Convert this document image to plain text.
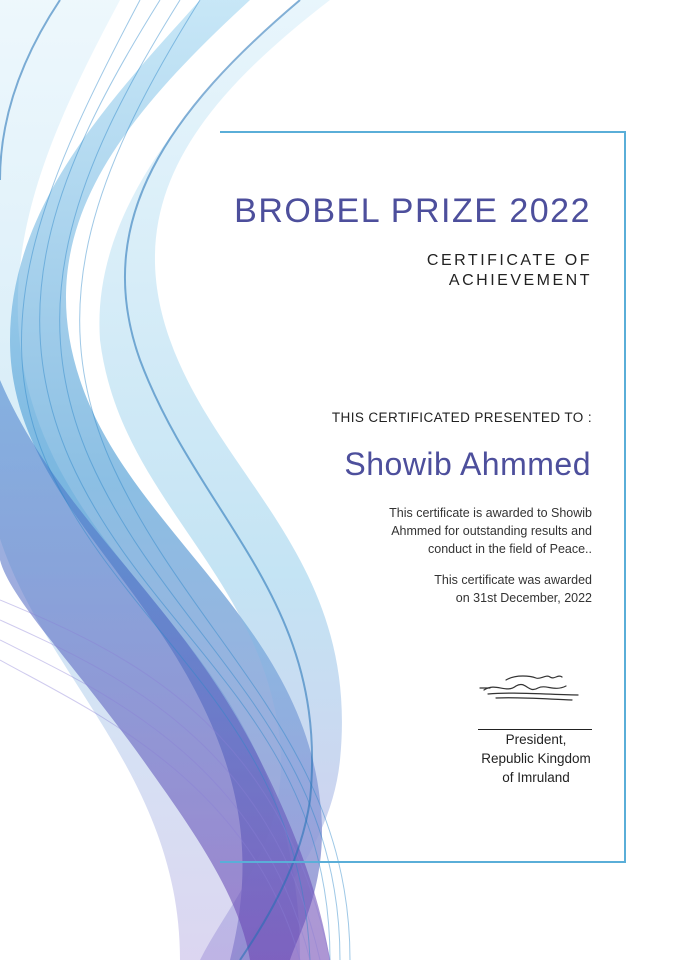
BROBEL PRIZE 2022
CERTIFICATE OF
ACHIEVEMENT
THIS CERTIFICATED PRESENTED TO :
Showib Ahmmed
This certificate is awarded to Showib
Ahmmed for outstanding results and
conduct in the field of Peace..
This certificate was awarded
on 31st December, 2022
President,
Republic Kingdom
of Imruland
